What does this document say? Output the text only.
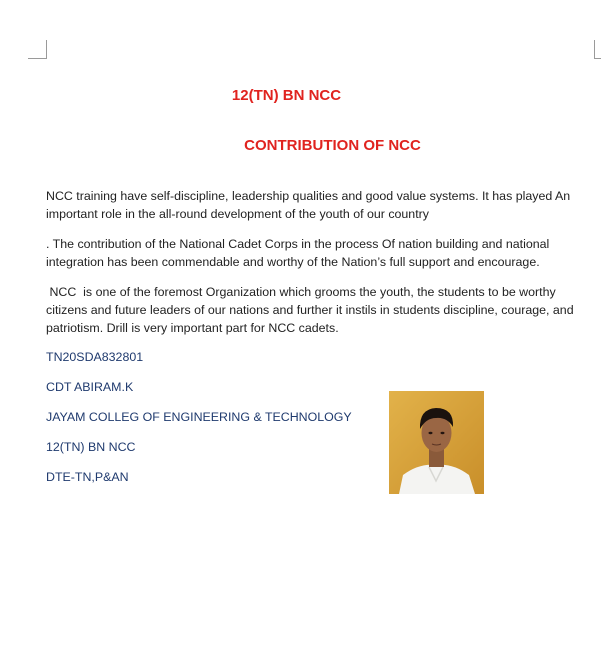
12(TN) BN NCC
CONTRIBUTION OF NCC
NCC training have self-discipline, leadership qualities and good value systems. It has played An important role in the all-round development of the youth of our country
. The contribution of the National Cadet Corps in the process Of nation building and national integration has been commendable and worthy of the Nation’s full support and encourage.
NCC  is one of the foremost Organization which grooms the youth, the students to be worthy citizens and future leaders of our nations and further it instils in students discipline, courage, and patriotism. Drill is very important part for NCC cadets.
TN20SDA832801
CDT ABIRAM.K
JAYAM COLLEG OF ENGINEERING & TECHNOLOGY
12(TN) BN NCC
DTE-TN,P&AN
